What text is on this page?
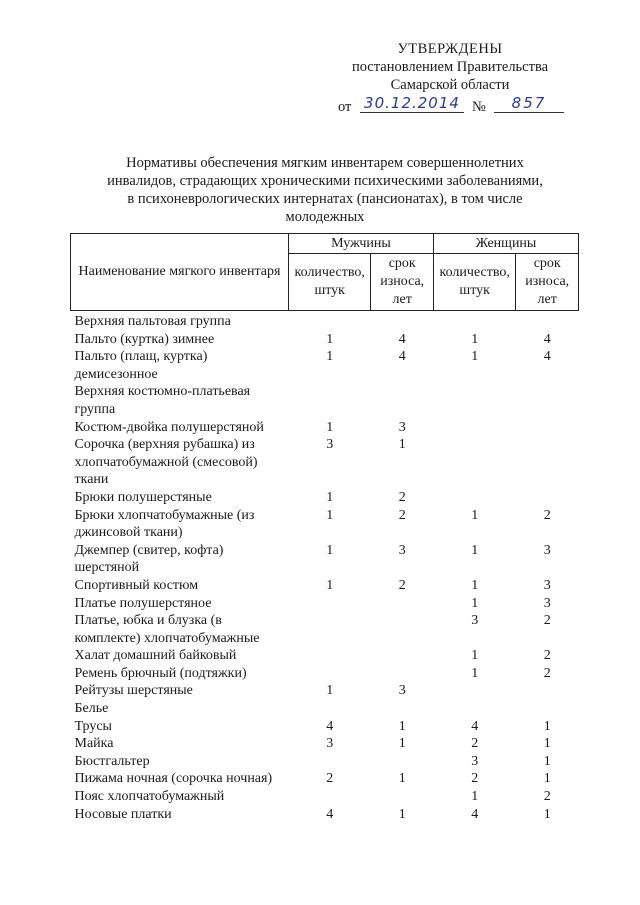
УТВЕРЖДЕНЫ
постановлением Правительства
Самарской области
от 30.12.2014 №	857
Нормативы обеспечения мягким инвентарем совершеннолетних
инвалидов, страдающих хроническими психическими заболеваниями,
в психоневрологических интернатах (пансионатах), в том числе
молодежных
Наименование мягкого инвентаря	Мужчины		Женщины	
	количество, штук	срок износа, лет	количество, штук	срок износа, лет
Верхняя пальтовая группа				
Пальто (куртка) зимнее	1	4	1	4
Пальто (плащ, куртка) демисезонное	1	4	1	4
Верхняя костюмно-платьевая группа				
Костюм-двойка полушерстяной	1	3		
Сорочка (верхняя рубашка) из хлопчатобумажной (смесовой) ткани	3	1		
Брюки полушерстяные	1	2		
Брюки хлопчатобумажные (из джинсовой ткани)	1	2	1	2
Джемпер (свитер, кофта) шерстяной	1	3	1	3
Спортивный костюм	1	2	1	3
Платье полушерстяное			1	3
Платье, юбка и блузка (в комплекте) хлопчатобумажные			3	2
Халат домашний байковый			1	2
Ремень брючный (подтяжки)			1	2
Рейтузы шерстяные	1	3		
Белье				
Трусы	4	1	4	1
Майка	3	1	2	1
Бюстгальтер			3	1
Пижама ночная (сорочка ночная)	2	1	2	1
Пояс хлопчатобумажный			1	2
Носовые платки	4	1	4	1
